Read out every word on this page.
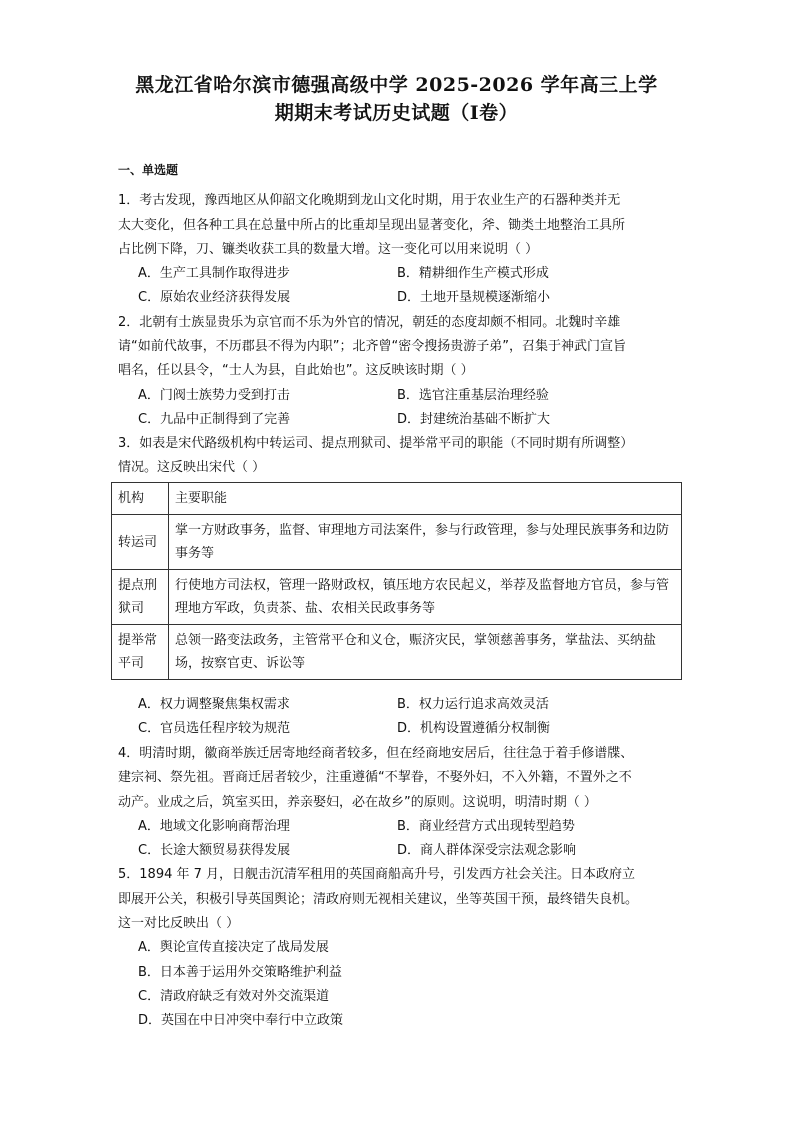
黑龙江省哈尔滨市德强高级中学 2025-2026 学年高三上学
期期末考试历史试题（Ⅰ卷）
一、单选题
1．考古发现，豫西地区从仰韶文化晚期到龙山文化时期，用于农业生产的石器种类并无
太大变化，但各种工具在总量中所占的比重却呈现出显著变化，斧、锄类土地整治工具所
占比例下降，刀、镰类收获工具的数量大增。这一变化可以用来说明（ ）
A．生产工具制作取得进步	B．精耕细作生产模式形成
C．原始农业经济获得发展	D．土地开垦规模逐渐缩小
2．北朝有士族显贵乐为京官而不乐为外官的情况，朝廷的态度却颇不相同。北魏时辛雄
请“如前代故事，不历郡县不得为内职”；北齐曾“密令搜扬贵游子弟”，召集于神武门宣旨
唱名，任以县令，“士人为县，自此始也”。这反映该时期（ ）
A．门阀士族势力受到打击	B．选官注重基层治理经验
C．九品中正制得到了完善	D．封建统治基础不断扩大
3．如表是宋代路级机构中转运司、提点刑狱司、提举常平司的职能（不同时期有所调整）
情况。这反映出宋代（ ）
机构	主要职能
转运司	掌一方财政事务，监督、审理地方司法案件，参与行政管理，参与处理民族事务和边防事务等
提点刑狱司	行使地方司法权，管理一路财政权，镇压地方农民起义，举荐及监督地方官员，参与管理地方军政，负责茶、盐、农相关民政事务等
提举常平司	总领一路变法政务，主管常平仓和义仓，赈济灾民，掌领慈善事务，掌盐法、买纳盐场，按察官吏、诉讼等
A．权力调整聚焦集权需求	B．权力运行追求高效灵活
C．官员选任程序较为规范	D．机构设置遵循分权制衡
4．明清时期，徽商举族迁居寄地经商者较多，但在经商地安居后，往往急于着手修谱牒、
建宗祠、祭先祖。晋商迁居者较少，注重遵循“不挈眷，不娶外妇，不入外籍，不置外之不
动产。业成之后，筑室买田，养亲娶妇，必在故乡”的原则。这说明，明清时期（ ）
A．地域文化影响商帮治理	B．商业经营方式出现转型趋势
C．长途大额贸易获得发展	D．商人群体深受宗法观念影响
5．1894 年 7 月，日舰击沉清军租用的英国商船高升号，引发西方社会关注。日本政府立
即展开公关，积极引导英国舆论；清政府则无视相关建议，坐等英国干预，最终错失良机。
这一对比反映出（ ）
A．舆论宣传直接决定了战局发展
B．日本善于运用外交策略维护利益
C．清政府缺乏有效对外交流渠道
D．英国在中日冲突中奉行中立政策
